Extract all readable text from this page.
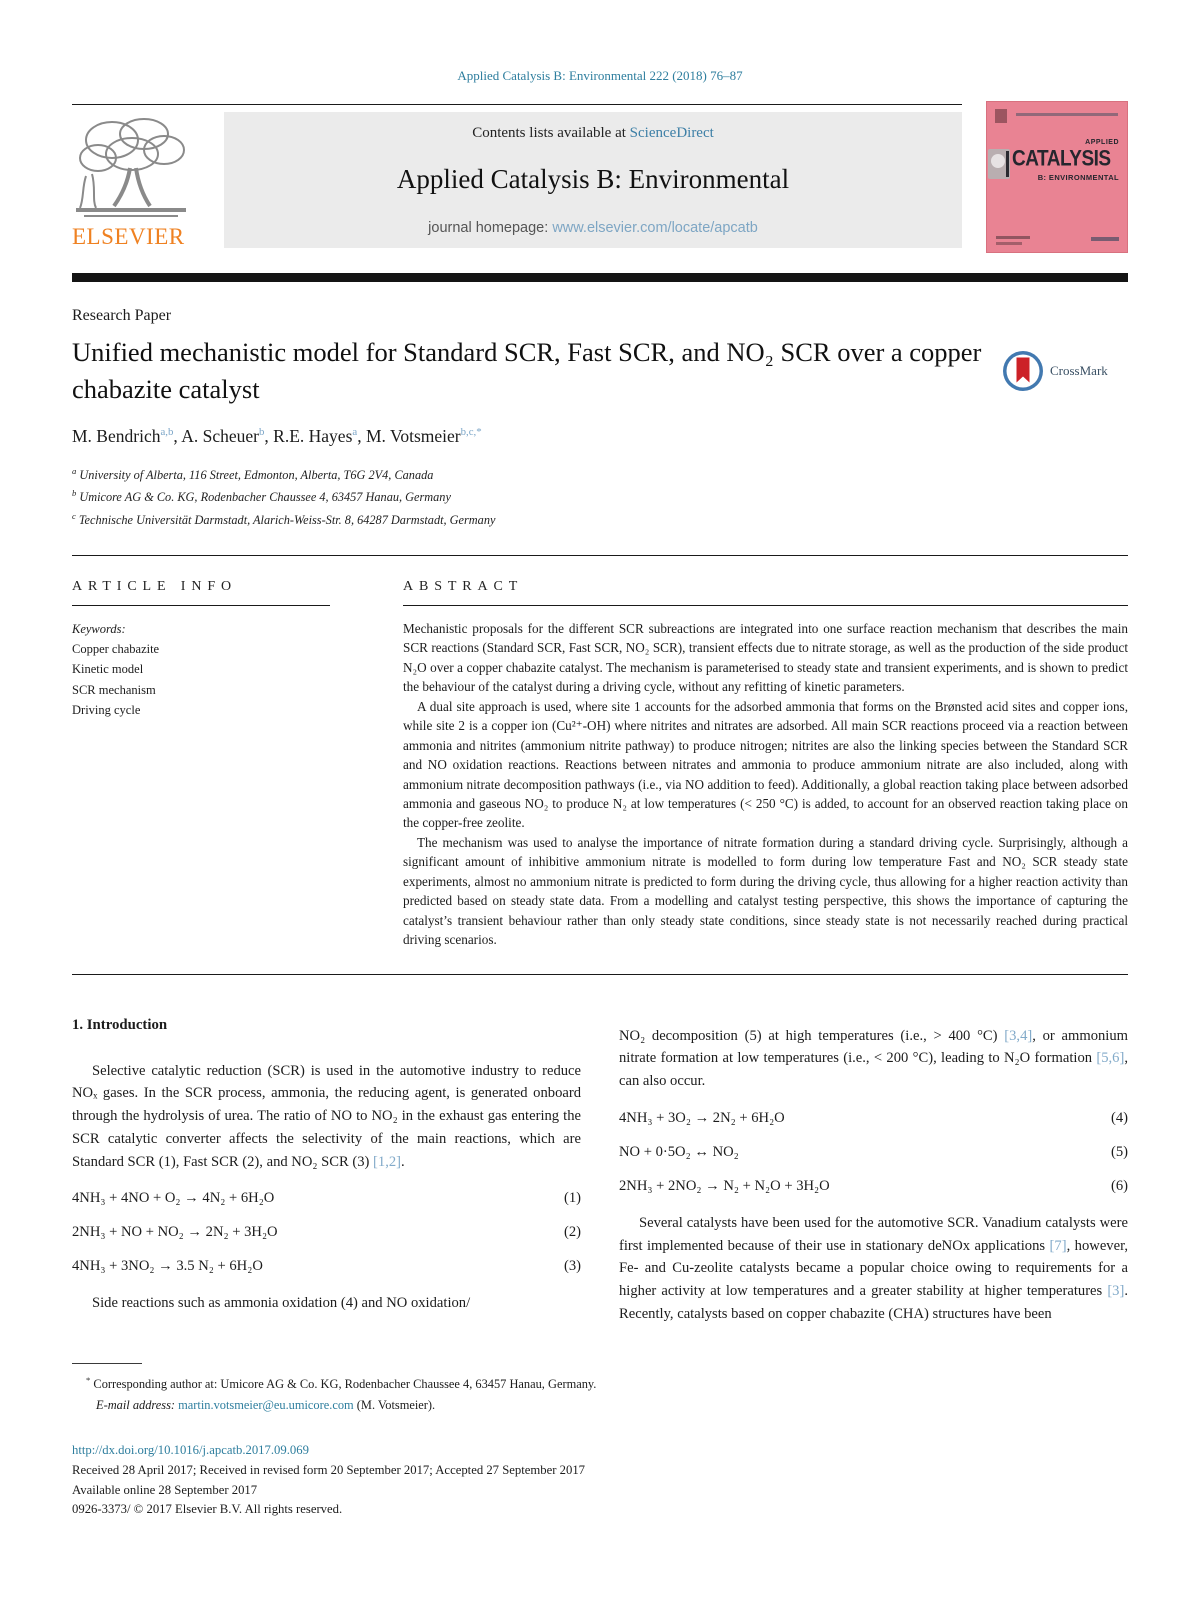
Applied Catalysis B: Environmental 222 (2018) 76–87
ELSEVIER
Contents lists available at ScienceDirect
Applied Catalysis B: Environmental
journal homepage: www.elsevier.com/locate/apcatb
APPLIED
CATALYSIS
B: ENVIRONMENTAL
Research Paper
Unified mechanistic model for Standard SCR, Fast SCR, and NO₂ SCR over a copper chabazite catalyst
CrossMark
M. Bendrich$^{a,b}$, A. Scheuer$^b$, R.E. Hayes$^a$, M. Votsmeier$^{b,c,*}$
$^a$ University of Alberta, 116 Street, Edmonton, Alberta, T6G 2V4, Canada
$^b$ Umicore AG & Co. KG, Rodenbacher Chaussee 4, 63457 Hanau, Germany
$^c$ Technische Universität Darmstadt, Alarich-Weiss-Str. 8, 64287 Darmstadt, Germany
ARTICLE INFO
Keywords:
Copper chabazite
Kinetic model
SCR mechanism
Driving cycle
ABSTRACT

Mechanistic proposals for the different SCR subreactions are integrated into one surface reaction mechanism that describes the main SCR reactions (Standard SCR, Fast SCR, NO₂ SCR), transient effects due to nitrate storage, as well as the production of the side product N₂O over a copper chabazite catalyst. The mechanism is parameterised to steady state and transient experiments, and is shown to predict the behaviour of the catalyst during a driving cycle, without any refitting of kinetic parameters.

A dual site approach is used, where site 1 accounts for the adsorbed ammonia that forms on the Brønsted acid sites and copper ions, while site 2 is a copper ion (Cu²⁺-OH) where nitrites and nitrates are adsorbed. All main SCR reactions proceed via a reaction between ammonia and nitrites (ammonium nitrite pathway) to produce nitrogen; nitrites are also the linking species between the Standard SCR and NO oxidation reactions. Reactions between nitrates and ammonia to produce ammonium nitrate are also included, along with ammonium nitrate decomposition pathways (i.e., via NO addition to feed). Additionally, a global reaction taking place between adsorbed ammonia and gaseous NO₂ to produce N₂ at low temperatures (< 250 °C) is added, to account for an observed reaction taking place on the copper-free zeolite.

The mechanism was used to analyse the importance of nitrate formation during a standard driving cycle. Surprisingly, although a significant amount of inhibitive ammonium nitrate is modelled to form during low temperature Fast and NO₂ SCR steady state experiments, almost no ammonium nitrate is predicted to form during the driving cycle, thus allowing for a higher reaction activity than predicted based on steady state data. From a modelling and catalyst testing perspective, this shows the importance of capturing the catalyst’s transient behaviour rather than only steady state conditions, since steady state is not necessarily reached during practical driving scenarios.

1. Introduction

Selective catalytic reduction (SCR) is used in the automotive industry to reduce NOₓ gases. In the SCR process, ammonia, the reducing agent, is generated onboard through the hydrolysis of urea. The ratio of NO to NO₂ in the exhaust gas entering the SCR catalytic converter affects the selectivity of the main reactions, which are Standard SCR (1), Fast SCR (2), and NO₂ SCR (3) [1,2].

4NH₃ + 4NO + O₂ → 4N₂ + 6H₂O	(1)
2NH₃ + NO + NO₂ → 2N₂ + 3H₂O	(2)
4NH₃ + 3NO₂ → 3.5 N₂ + 6H₂O	(3)

Side reactions such as ammonia oxidation (4) and NO oxidation/

NO₂ decomposition (5) at high temperatures (i.e., > 400 °C) [3,4], or ammonium nitrate formation at low temperatures (i.e., < 200 °C), leading to N₂O formation [5,6], can also occur.

4NH₃ + 3O₂ → 2N₂ + 6H₂O	(4)
NO + 0·5O₂ ↔ NO₂	(5)
2NH₃ + 2NO₂ → N₂ + N₂O + 3H₂O	(6)

Several catalysts have been used for the automotive SCR. Vanadium catalysts were first implemented because of their use in stationary deNOx applications [7], however, Fe- and Cu-zeolite catalysts became a popular choice owing to requirements for a higher activity at low temperatures and a greater stability at higher temperatures [3]. Recently, catalysts based on copper chabazite (CHA) structures have been

* Corresponding author at: Umicore AG & Co. KG, Rodenbacher Chaussee 4, 63457 Hanau, Germany.
E-mail address: martin.votsmeier@eu.umicore.com (M. Votsmeier).
http://dx.doi.org/10.1016/j.apcatb.2017.09.069
Received 28 April 2017; Received in revised form 20 September 2017; Accepted 27 September 2017
Available online 28 September 2017
0926-3373/ © 2017 Elsevier B.V. All rights reserved.
